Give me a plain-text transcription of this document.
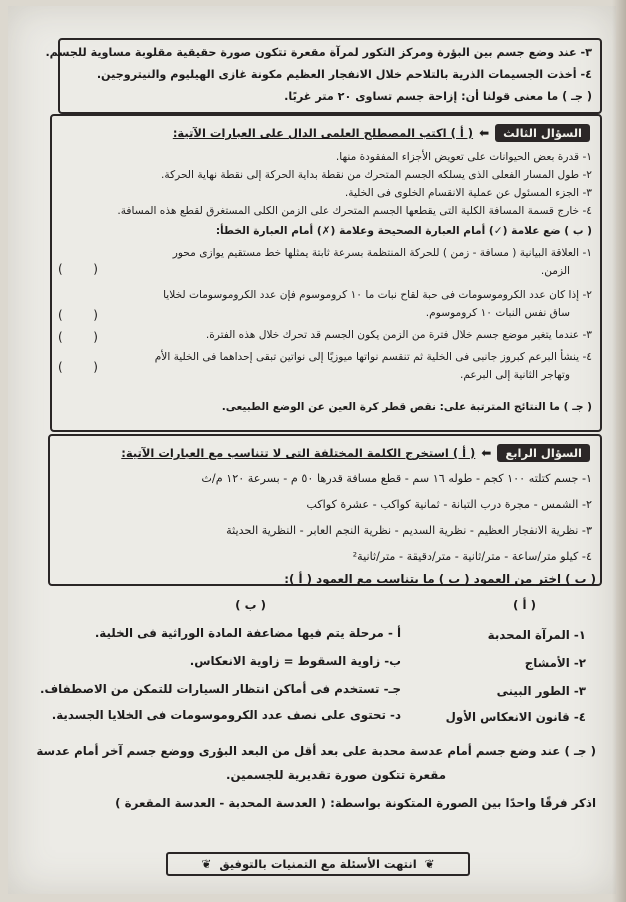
٣- عند وضع جسم بين البؤرة ومركز التكور لمرآة مقعرة تتكون صورة حقيقية مقلوبة مساوية للجسم.
٤- أخذت الجسيمات الذرية بالتلاحم خلال الانفجار العظيم مكونة غازى الهيليوم والنيتروجين.
( جـ ) ما معنى قولنا أن: إزاحة جسم تساوى ٢٠ متر غربًا.
السؤال الثالث
⬅
( أ ) اكتب المصطلح العلمى الدال على العبارات الآتية:
١- قدرة بعض الحيوانات على تعويض الأجزاء المفقودة منها.
٢- طول المسار الفعلى الذى يسلكه الجسم المتحرك من نقطة بداية الحركة إلى نقطة نهاية الحركة.
٣- الجزء المسئول عن عملية الانقسام الخلوى فى الخلية.
٤- خارج قسمة المسافة الكلية التى يقطعها الجسم المتحرك على الزمن الكلى المستغرق لقطع هذه المسافة.
( ب ) ضع علامة (✓) أمام العبارة الصحيحة وعلامة (✗) أمام العبارة الخطأ:
١- العلاقة البيانية ( مسافة - زمن ) للحركة المنتظمة بسرعة ثابتة يمثلها خط مستقيم يوازى محور
الزمن.
(        )
٢- إذا كان عدد الكروموسومات فى حبة لقاح نبات ما ١٠ كروموسوم فإن عدد الكروموسومات لخلايا
ساق نفس النبات ١٠ كروموسوم.
(        )
٣- عندما يتغير موضع جسم خلال فترة من الزمن يكون الجسم قد تحرك خلال هذه الفترة.
(        )
٤- ينشأ البرعم كبروز جانبى فى الخلية ثم تنقسم نواتها ميوزيًا إلى نواتين تبقى إحداهما فى الخلية الأم
وتهاجر الثانية إلى البرعم.
(        )
( جـ ) ما النتائج المترتبة على: نقص قطر كرة العين عن الوضع الطبيعى.
السؤال الرابع
⬅
( أ ) استخرج الكلمة المختلفة التى لا تتناسب مع العبارات الآتية:
١- جسم كتلته ١٠٠ كجم - طوله ١٦ سم - قطع مسافة قدرها ٥٠ م - بسرعة ١٢٠ م/ث
٢- الشمس - مجرة درب التبانة - ثمانية كواكب - عشرة كواكب
٣- نظرية الانفجار العظيم - نظرية السديم - نظرية النجم العابر - النظرية الحديثة
٤- كيلو متر/ساعة - متر/ثانية - متر/دقيقة - متر/ثانية²
( ب ) اختر من العمود ( ب ) ما يتناسب مع العمود ( أ ):
( أ )
( ب )
١- المرآة المحدبة
٢- الأمشاج
٣- الطور البينى
٤- قانون الانعكاس الأول
أ - مرحلة يتم فيها مضاعفة المادة الوراثية فى الخلية.
ب- زاوية السقوط = زاوية الانعكاس.
جـ- تستخدم فى أماكن انتظار السيارات للتمكن من الاصطفاف.
د- تحتوى على نصف عدد الكروموسومات فى الخلايا الجسدية.
( جـ ) عند وضع جسم أمام عدسة محدبة على بعد أقل من البعد البؤرى ووضع جسم آخر أمام عدسة
مقعرة تتكون صورة تقديرية للجسمين.
اذكر فرقًا واحدًا بين الصورة المتكونة بواسطة: ( العدسة المحدبة - العدسة المقعرة )
❦
انتهت الأسئلة مع التمنيات بالتوفيق
❦
